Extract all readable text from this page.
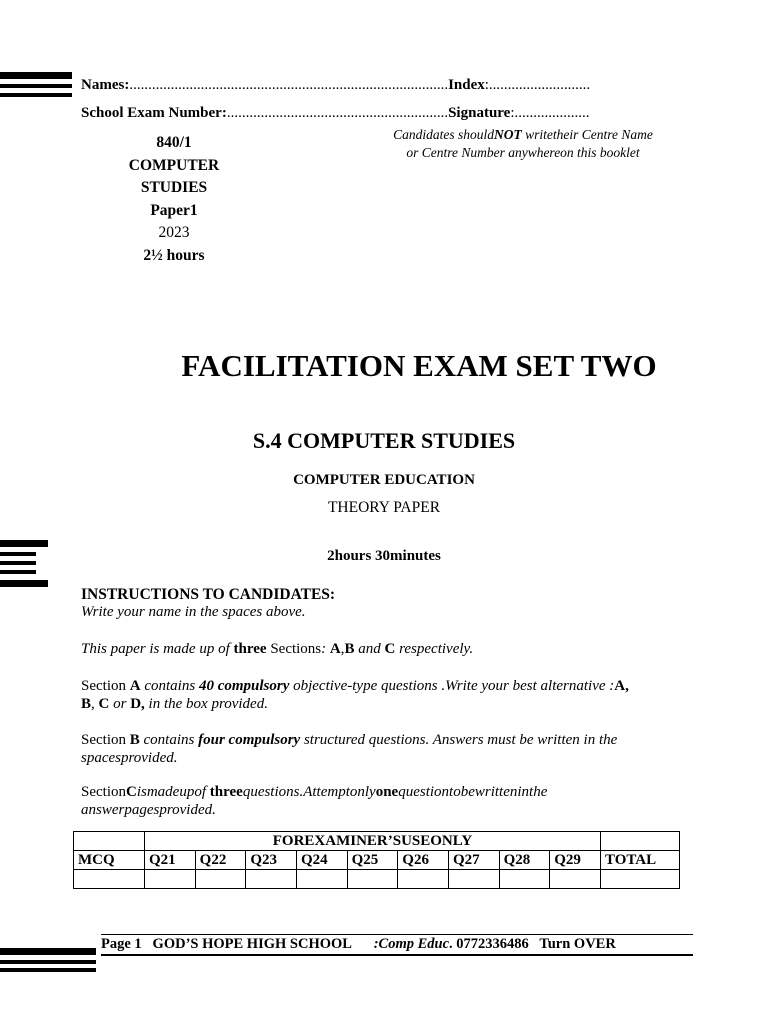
Names:.....................................................................................Index:...........................
School Exam Number:...........................................................Signature:....................
840/1
COMPUTER
STUDIES
Paper1
2023
2½ hours
Candidates shouldNOT writetheir Centre Name
or Centre Number anywhereon this booklet
FACILITATION EXAM SET TWO
S.4 COMPUTER STUDIES
COMPUTER EDUCATION
THEORY PAPER
2hours 30minutes
INSTRUCTIONS TO CANDIDATES:
Write your name in the spaces above.
This paper is made up of three Sections: A,B and C respectively.
Section A contains 40 compulsory objective-type questions .Write your best alternative :A,
B, C or D, in the box provided.
Section B contains four compulsory structured questions. Answers must be written in the
spacesprovided.
SectionCismadeupof threequestions.Attemptonlyonequestiontobewritteninthe
answerpagesprovided.
	FOREXAMINER’SUSEONLY									
MCQ	Q21	Q22	Q23	Q24	Q25	Q26	Q27	Q28	Q29	TOTAL

Page 1 GOD’S HOPE HIGH SCHOOL :Comp Educ. 0772336486 Turn OVER
